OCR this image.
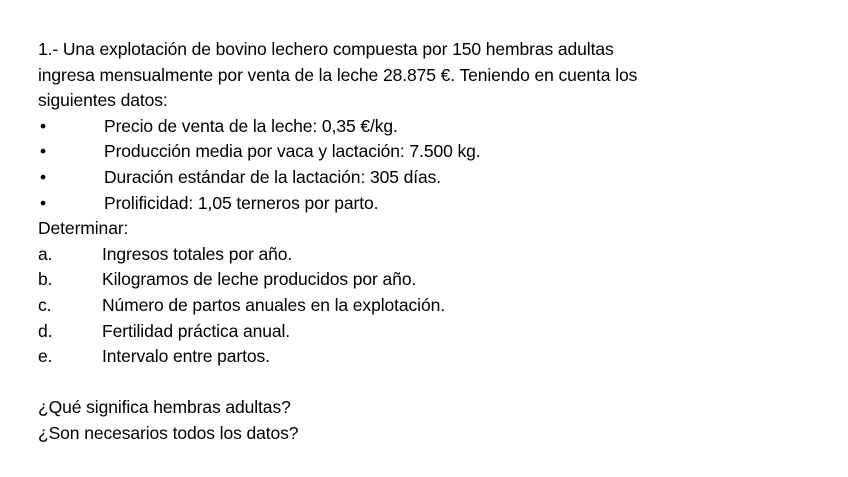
1.- Una explotación de bovino lechero compuesta por 150 hembras adultas
ingresa mensualmente por venta de la leche 28.875 €. Teniendo en cuenta los
siguientes datos:
•	Precio de venta de la leche: 0,35 €/kg.
•	Producción media por vaca y lactación: 7.500 kg.
•	Duración estándar de la lactación: 305 días.
•	Prolificidad: 1,05 terneros por parto.
Determinar:
a.	Ingresos totales por año.
b.	Kilogramos de leche producidos por año.
c.	Número de partos anuales en la explotación.
d.	Fertilidad práctica anual.
e.	Intervalo entre partos.
¿Qué significa hembras adultas?
¿Son necesarios todos los datos?
